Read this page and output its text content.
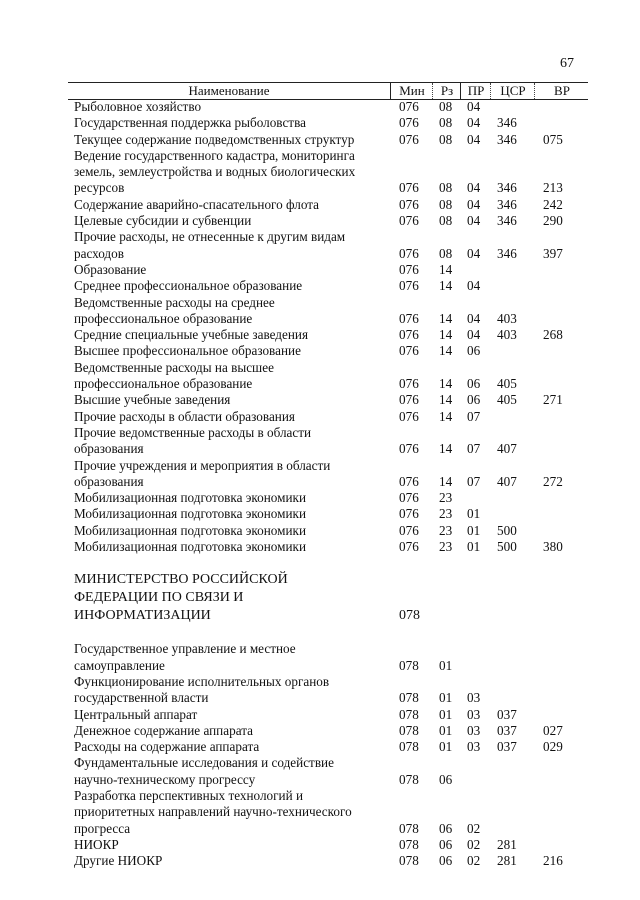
67
Наименование	Мин	Рз	ПР	ЦСР	ВР
Рыболовное хозяйство	076	08	04
Государственная поддержка рыболовства	076	08	04	346
Текущее содержание подведомственных структур	076	08	04	346	075
Ведение государственного кадастра, мониторинга
земель, землеустройства и водных биологических
ресурсов	076	08	04	346	213
Содержание аварийно-спасательного флота	076	08	04	346	242
Целевые субсидии и субвенции	076	08	04	346	290
Прочие расходы, не отнесенные к другим видам
расходов	076	08	04	346	397
Образование	076	14
Среднее профессиональное образование	076	14	04
Ведомственные расходы на среднее
профессиональное образование	076	14	04	403
Средние специальные учебные заведения	076	14	04	403	268
Высшее профессиональное образование	076	14	06
Ведомственные расходы на высшее
профессиональное образование	076	14	06	405
Высшие учебные заведения	076	14	06	405	271
Прочие расходы в области образования	076	14	07
Прочие ведомственные расходы в области
образования	076	14	07	407
Прочие учреждения и мероприятия в области
образования	076	14	07	407	272
Мобилизационная подготовка экономики	076	23
Мобилизационная подготовка экономики	076	23	01
Мобилизационная подготовка экономики	076	23	01	500
Мобилизационная подготовка экономики	076	23	01	500	380
МИНИСТЕРСТВО РОССИЙСКОЙ
ФЕДЕРАЦИИ ПО СВЯЗИ И
ИНФОРМАТИЗАЦИИ	078
Государственное управление и местное
самоуправление	078	01
Функционирование исполнительных органов
государственной власти	078	01	03
Центральный аппарат	078	01	03	037
Денежное содержание аппарата	078	01	03	037	027
Расходы на содержание аппарата	078	01	03	037	029
Фундаментальные исследования и содействие
научно-техническому прогрессу	078	06
Разработка перспективных технологий и
приоритетных направлений научно-технического
прогресса	078	06	02
НИОКР	078	06	02	281
Другие НИОКР	078	06	02	281	216
